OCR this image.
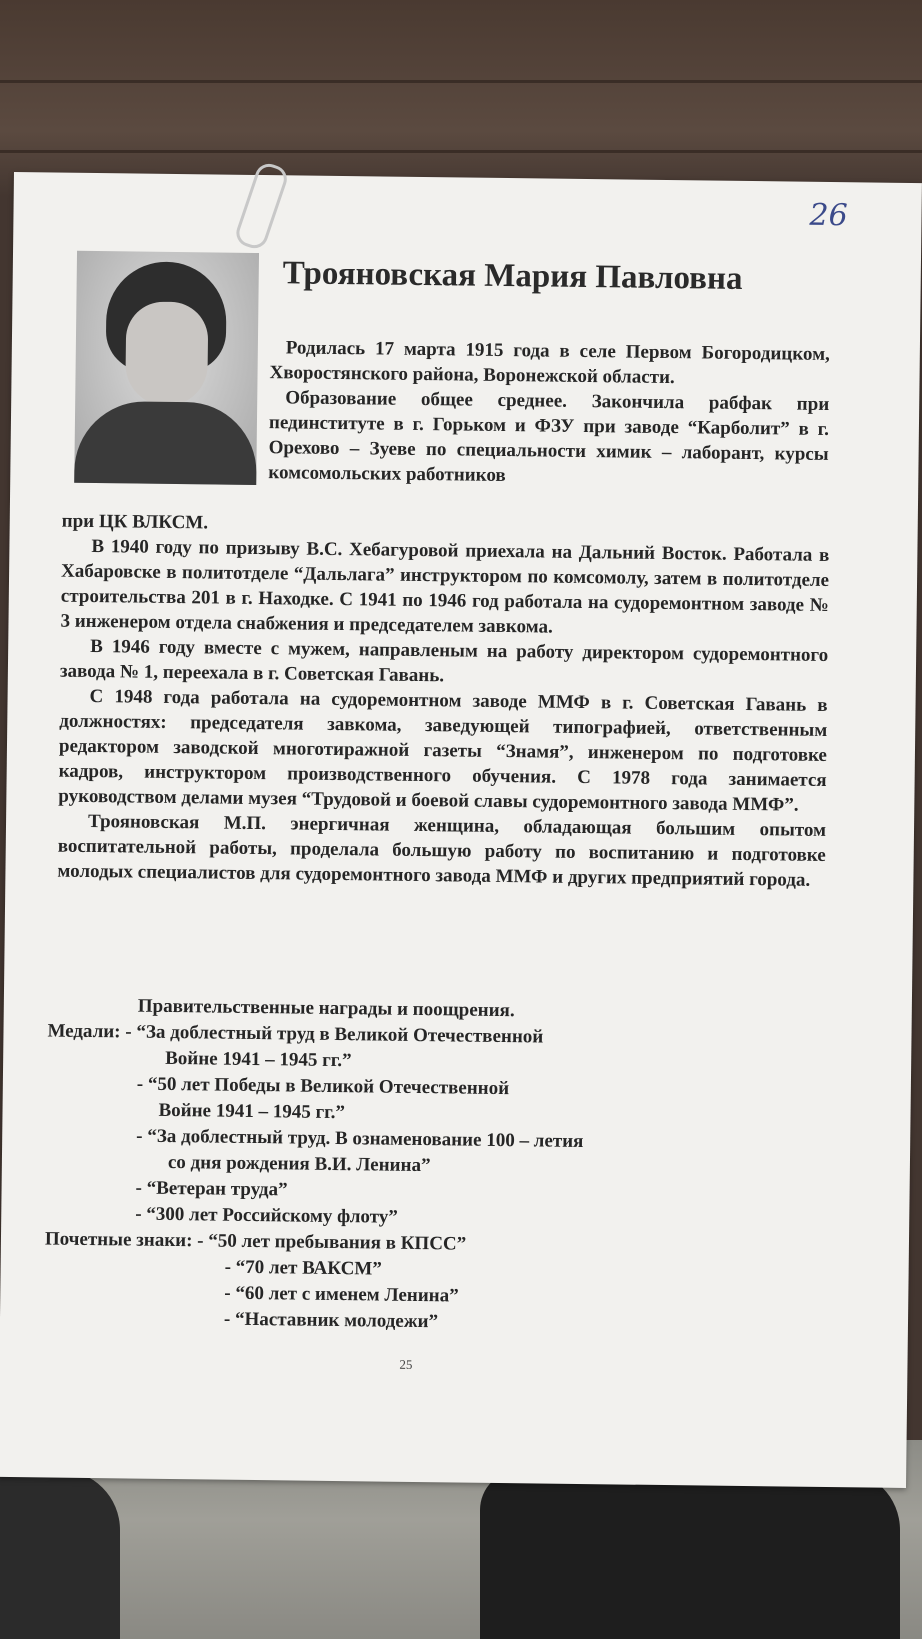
26
Трояновская Мария Павловна

Родилась 17 марта 1915 года в селе Первом Богородицком, Хворостянского района, Воронежской области.

Образование общее среднее. Закончила рабфак при пединституте в г. Горьком и ФЗУ при заводе “Карболит” в г. Орехово – Зуеве по специальности химик – лаборант, курсы комсомольских работников

при ЦК ВЛКСМ.

В 1940 году по призыву В.С. Хебагуровой приехала на Дальний Восток. Работала в Хабаровске в политотделе “Дальлага” инструктором по комсомолу, затем в политотделе строительства 201 в г. Находке. С 1941 по 1946 год работала на судоремонтном заводе № 3 инженером отдела снабжения и председателем завкома.

В 1946 году вместе с мужем, направленым на работу директором судоремонтного завода № 1, переехала в г. Советская Гавань.

С 1948 года работала на судоремонтном заводе ММФ в г. Советская Гавань в должностях: председателя завкома, заведующей типографией, ответственным редактором заводской многотиражной газеты “Знамя”, инженером по подготовке кадров, инструктором производственного обучения. С 1978 года занимается руководством делами музея “Трудовой и боевой славы судоремонтного завода ММФ”.

Трояновская М.П. энергичная женщина, обладающая большим опытом воспитательной работы, проделала большую работу по воспитанию и подготовке молодых специалистов для судоремонтного завода ММФ и других предприятий города.

Правительственные награды и поощрения.
Медали: - “За доблестный труд в Великой Отечественной
Войне 1941 – 1945 гг.”
- “50 лет Победы в Великой Отечественной
Войне 1941 – 1945 гг.”
- “За доблестный труд. В ознаменование 100 – летия
со дня рождения В.И. Ленина”
- “Ветеран труда”
- “300 лет Российскому флоту”
Почетные знаки: - “50 лет пребывания в КПСС”
- “70 лет ВАКСМ”
- “60 лет с именем Ленина”
- “Наставник молодежи”
25
